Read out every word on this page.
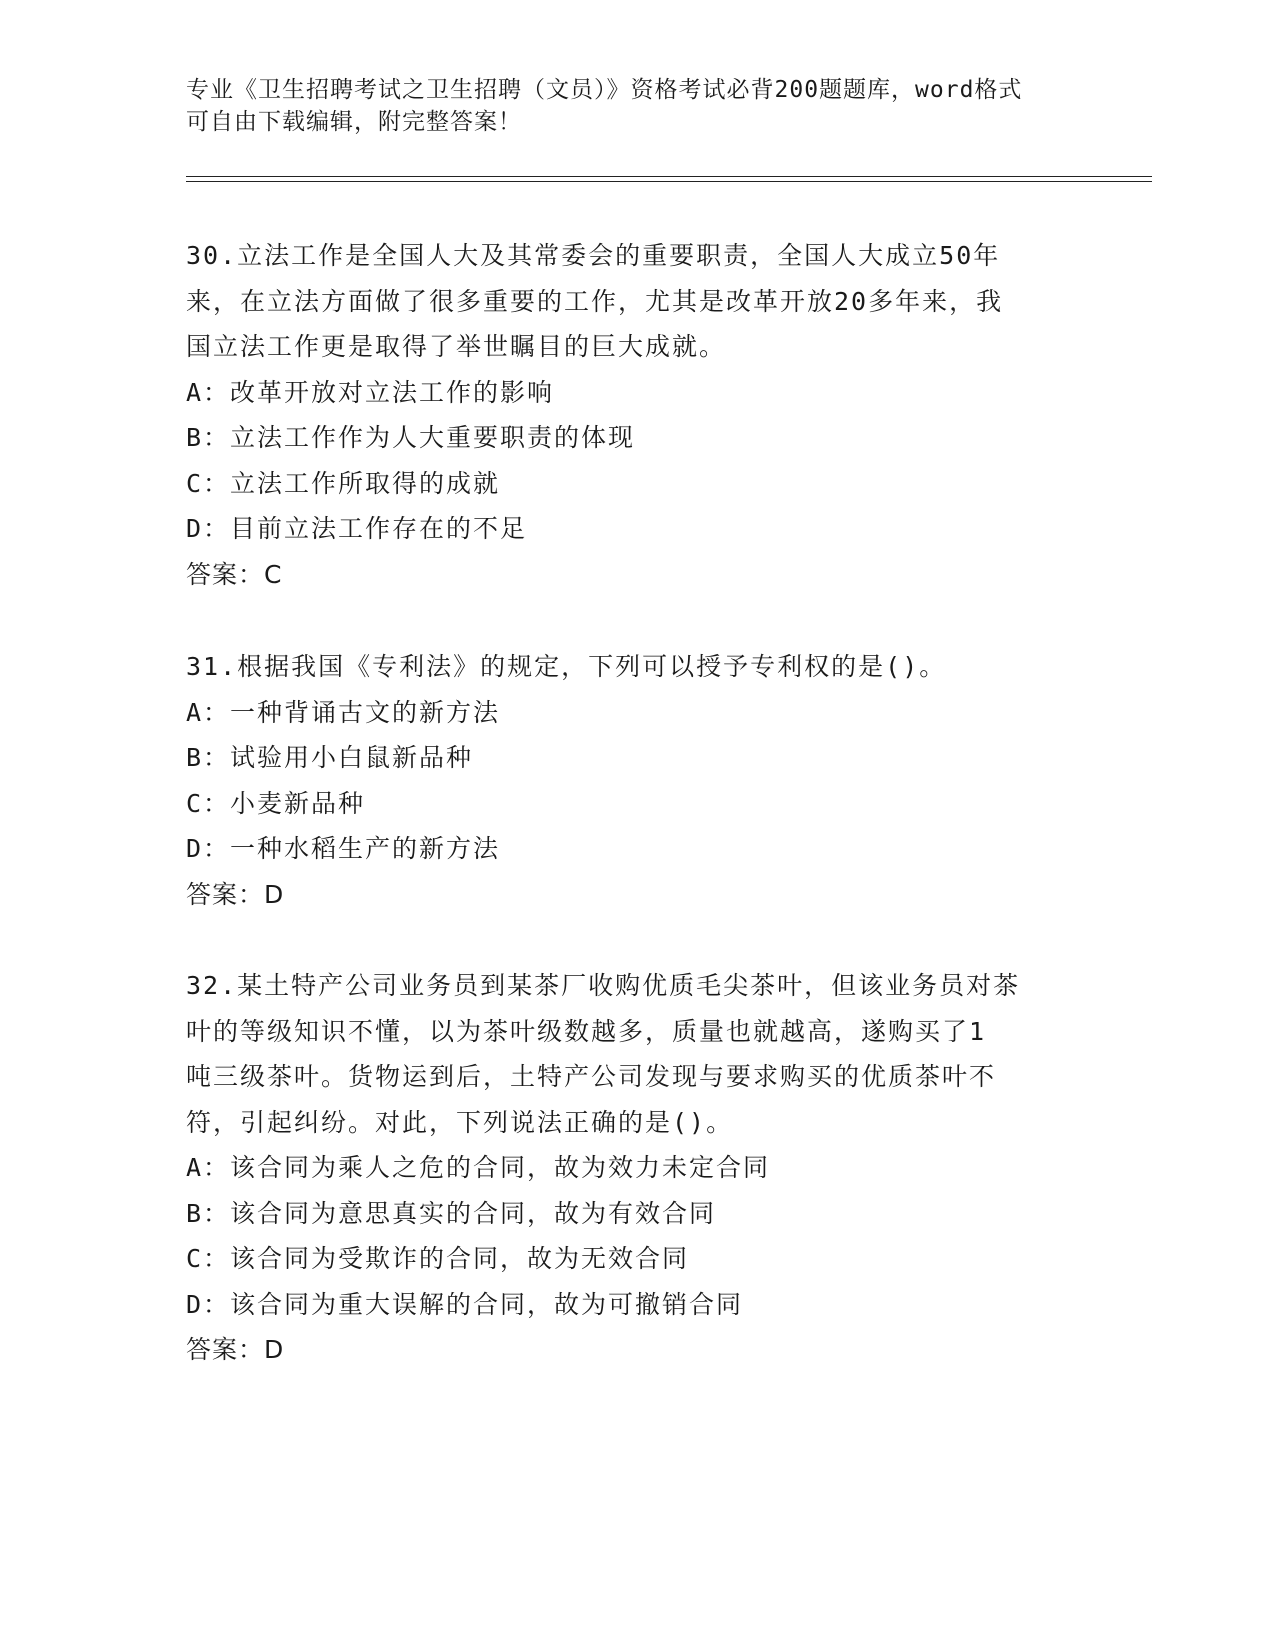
专业《卫生招聘考试之卫生招聘（文员）》资格考试必背200题题库，word格式
可自由下载编辑，附完整答案！
30.立法工作是全国人大及其常委会的重要职责，全国人大成立50年
来，在立法方面做了很多重要的工作，尤其是改革开放20多年来，我
国立法工作更是取得了举世瞩目的巨大成就。
A：改革开放对立法工作的影响
B：立法工作作为人大重要职责的体现
C：立法工作所取得的成就
D：目前立法工作存在的不足
答案：C
31.根据我国《专利法》的规定，下列可以授予专利权的是()。
A：一种背诵古文的新方法
B：试验用小白鼠新品种
C：小麦新品种
D：一种水稻生产的新方法
答案：D
32.某土特产公司业务员到某茶厂收购优质毛尖茶叶，但该业务员对茶
叶的等级知识不懂，以为茶叶级数越多，质量也就越高，遂购买了1
吨三级茶叶。货物运到后，土特产公司发现与要求购买的优质茶叶不
符，引起纠纷。对此，下列说法正确的是()。
A：该合同为乘人之危的合同，故为效力未定合同
B：该合同为意思真实的合同，故为有效合同
C：该合同为受欺诈的合同，故为无效合同
D：该合同为重大误解的合同，故为可撤销合同
答案：D
